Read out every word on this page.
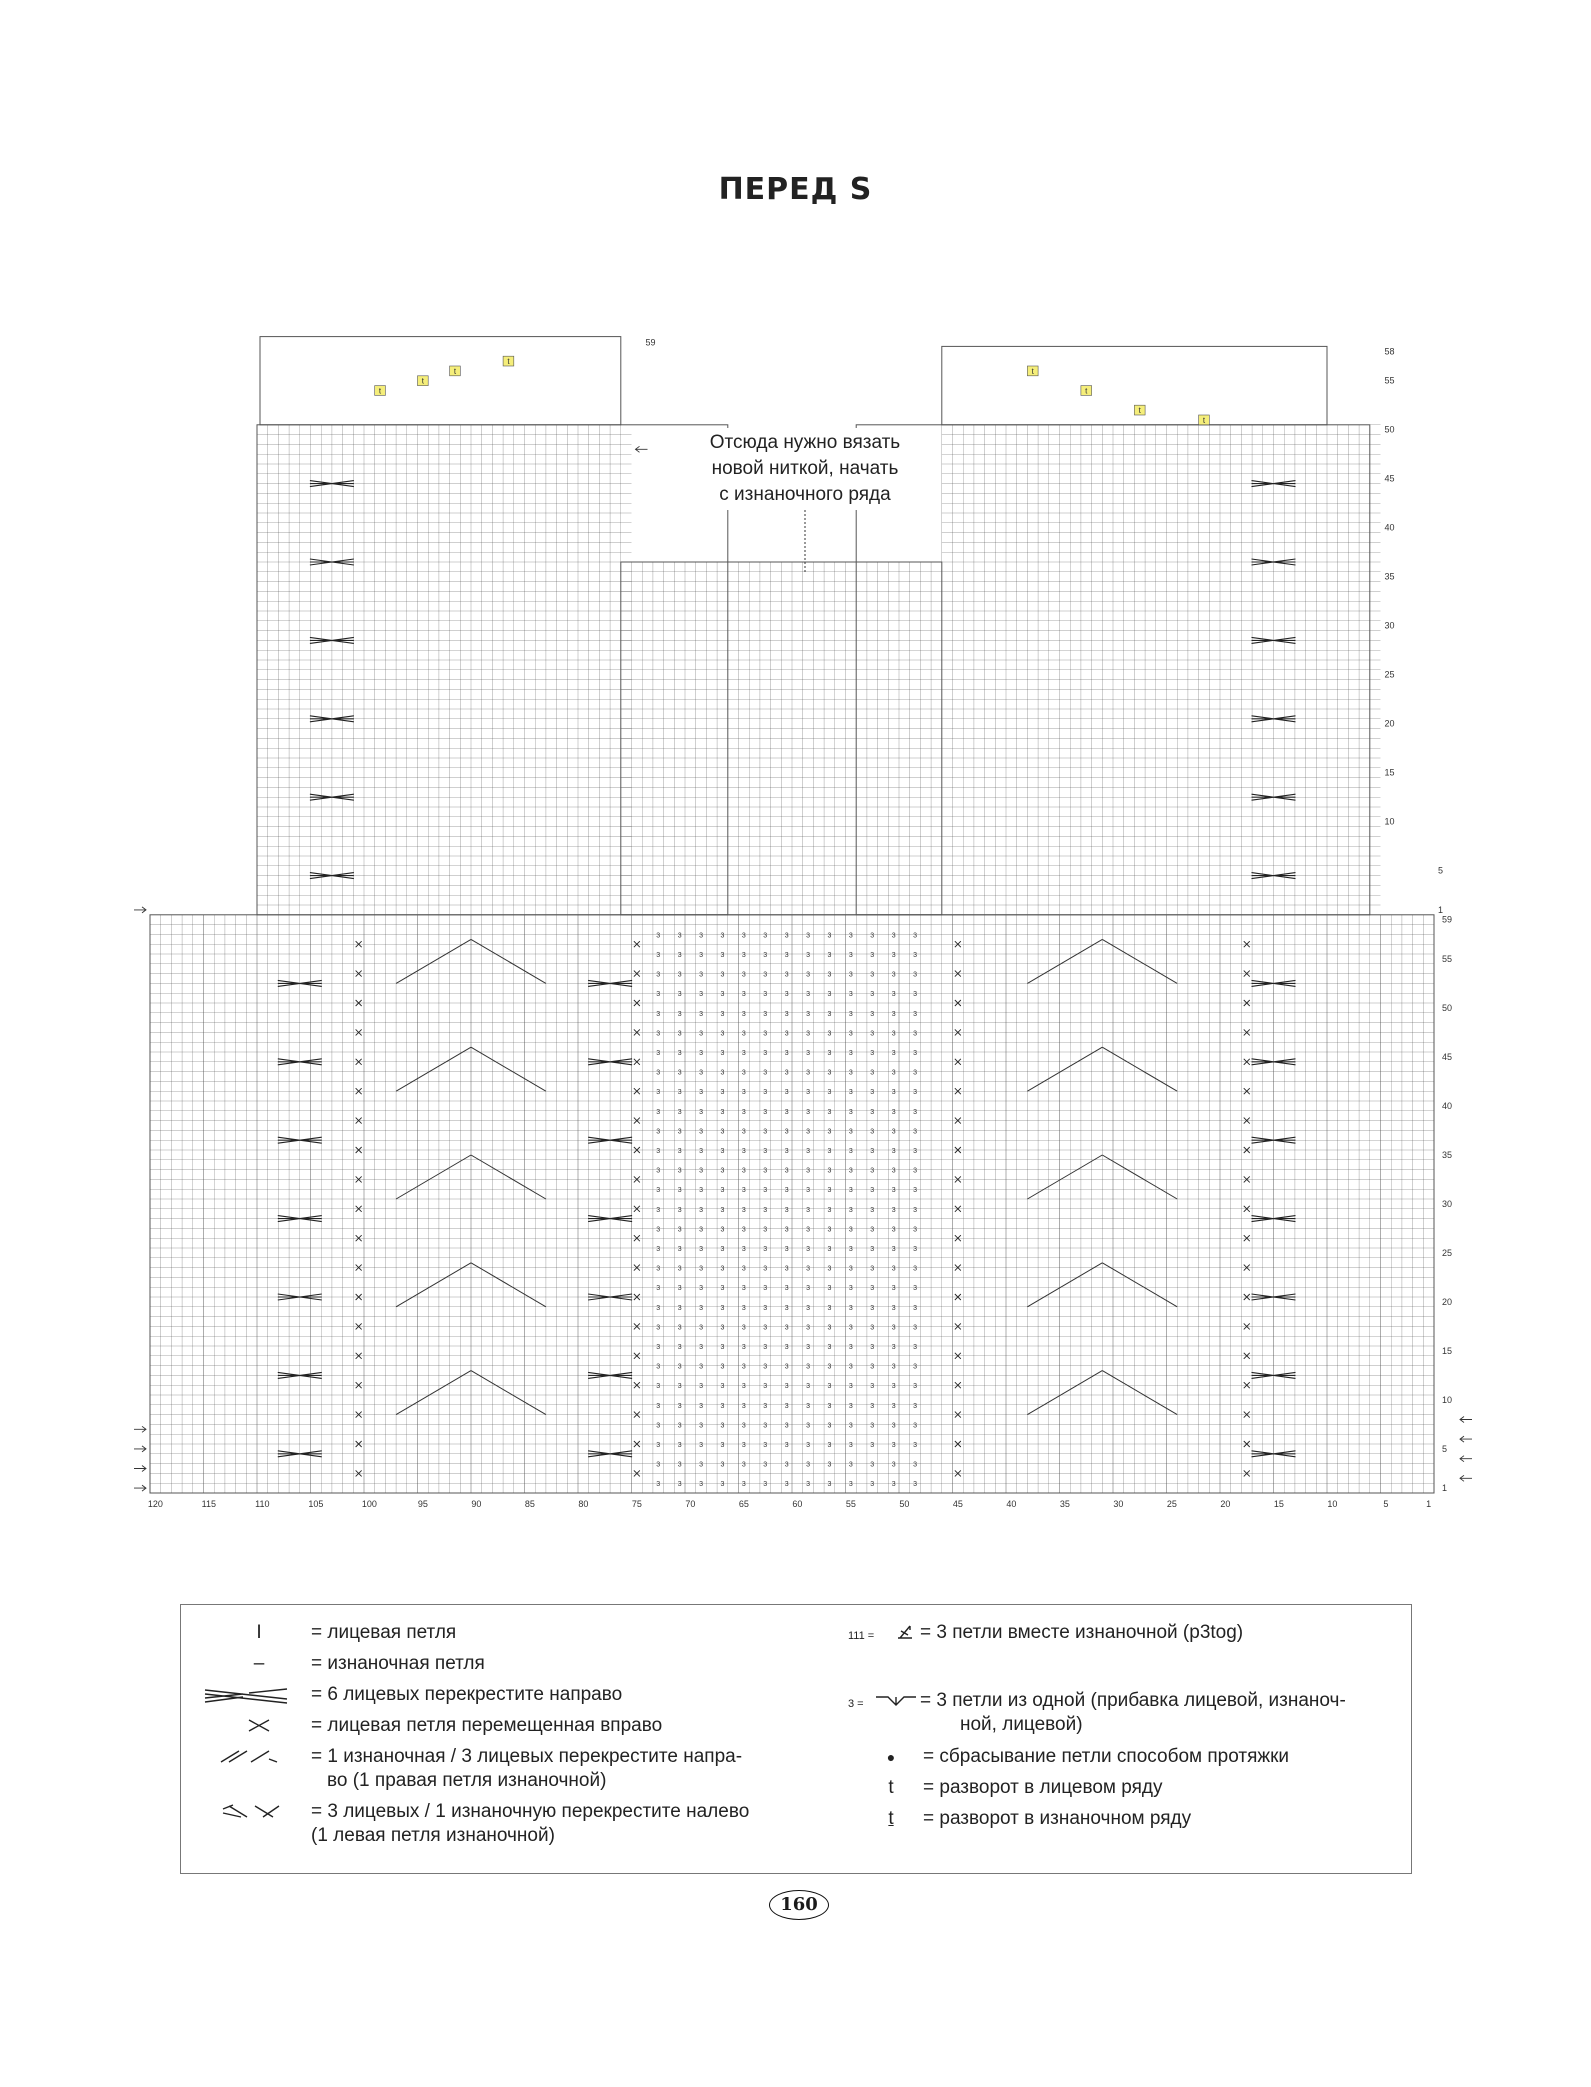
ПЕРЕД S
3
3
3
3
3
3
3
3
3
3
3
3
3
3
3
3
3
3
3
3
3
3
3
3
3
3
3
3
3
3
3
3
3
3
3
3
3
3
3
3
3
3
3
3
3
3
3
3
3
3
3
3
3
3
3
3
3
3
3
3
3
3
3
3
3
3
3
3
3
3
3
3
3
3
3
3
3
3
3
3
3
3
3
3
3
3
3
3
3
3
3
3
3
3
3
3
3
3
3
3
3
3
3
3
3
3
3
3
3
3
3
3
3
3
3
3
3
3
3
3
3
3
3
3
3
3
3
3
3
3
3
3
3
3
3
3
3
3
3
3
3
3
3
3
3
3
3
3
3
3
3
3
3
3
3
3
3
3
3
3
3
3
3
3
3
3
3
3
3
3
3
3
3
3
3
3
3
3
3
3
3
3
3
3
3
3
3
3
3
3
3
3
3
3
3
3
3
3
3
3
3
3
3
3
3
3
3
3
3
3
3
3
3
3
3
3
3
3
3
3
3
3
3
3
3
3
3
3
3
3
3
3
3
3
3
3
3
3
3
3
3
3
3
3
3
3
3
3
3
3
3
3
3
3
3
3
3
3
3
3
3
3
3
3
3
3
3
3
3
3
3
3
3
3
3
3
3
3
3
3
3
3
3
3
3
3
3
3
3
3
3
3
3
3
3
3
3
3
3
3
3
3
3
3
3
3
3
3
3
3
3
3
3
3
3
3
3
3
3
3
3
3
3
3
3
3
3
3
3
3
3
3
3
3
3
3
3
3
3
3
3
3
3
3
3
3
3
3
3
3
3
3
3
3
3
3
3
3
3
3
3
3
3
3
3
3
3
3
3
3
3
3
3
3
3
3
3
t
t
t
t
t
t
t
t
120	115	110	105	100	95	90	85	80	75	70	65	60	55	50	45	40	35	30	25	20	15	10	5	1
1
5
10
15
20
25
30
35
40
45
50
55
59
1
5
10
15
20
25
30
35
40
45
50
55
58
59
Отсюда нужно вязать
новой ниткой, начать
с изнаночного ряда
I	= лицевая петля
–	= изнаночная петля
= 6 лицевых перекрестите направо
= лицевая петля перемещенная вправо
= 1 изнаночная / 3 лицевых перекрестите напра-
во (1 правая петля изнаночной)
= 3 лицевых / 1 изнаночную перекрестите налево
(1 левая петля изнаночной)
111 =	= 3 петли вместе изнаночной (p3tog)
3 =	= 3 петли из одной (прибавка лицевой, изнаноч-
ной, лицевой)
●	= сбрасывание петли способом протяжки
t	= разворот в лицевом ряду
t	= разворот в изнаночном ряду
160
